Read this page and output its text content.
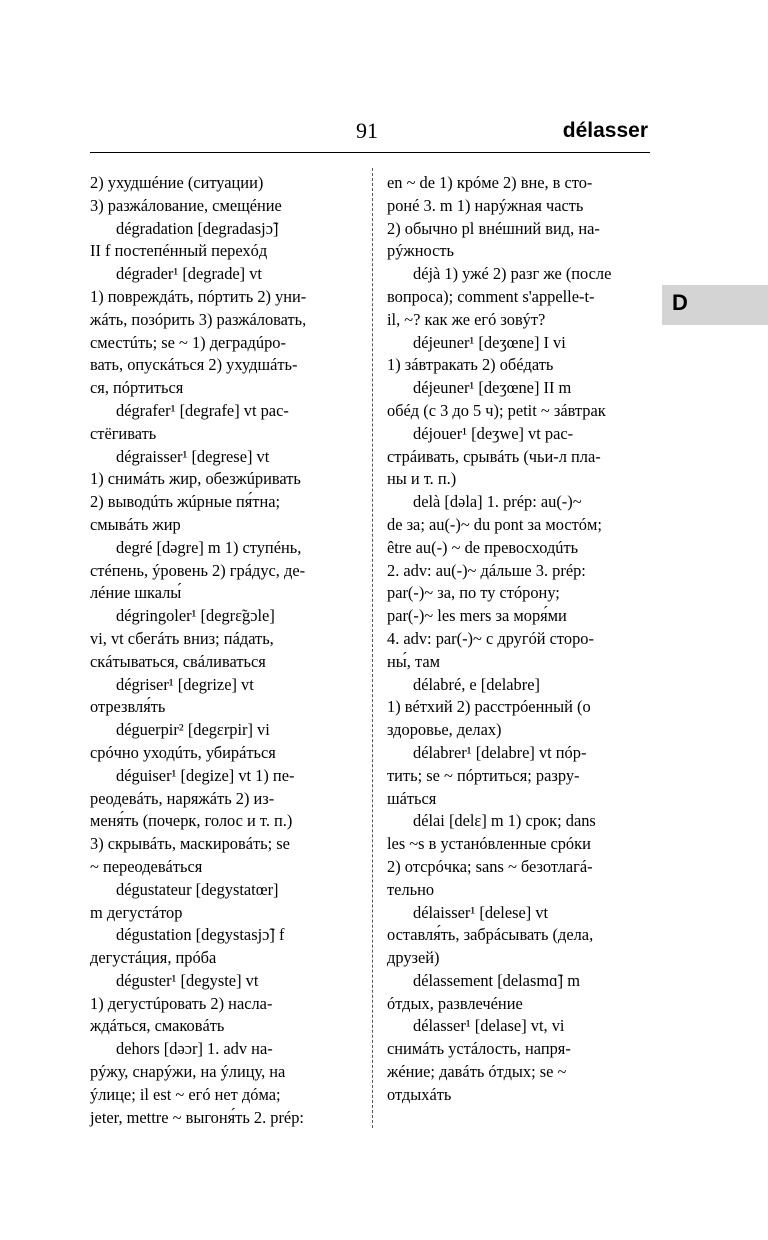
91	délasser
D
2) ухудшéние (ситуации)
3) разжáлование, смещéние
dégradation [degradasjɔ̃]
II f постепéнный перехóд
dégrader¹ [degrade] vt
1) повреждáть, пóртить 2) уни-
жáть, позóрить 3) разжáловать,
сместúть; se ~ 1) деградúро-
вать, опускáться 2) ухудшáть-
ся, пóртиться
dégrafer¹ [degrafe] vt рас-
стёгивать
dégraisser¹ [degrese] vt
1) снимáть жир, обезжúривать
2) выводúть жúрные пя́тна;
смывáть жир
degré [dəgre] m 1) ступéнь,
стéпень, ýровень 2) грáдус, де-
лéние шкалы́
dégringoler¹ [degrɛ̃gɔle]
vi, vt сбегáть вниз; пáдать,
скáтываться, свáливаться
dégriser¹ [degrize] vt
отрезвля́ть
déguerpir² [degɛrpir] vi
срóчно уходúть, убирáться
déguiser¹ [degize] vt 1) пе-
реодевáть, наряжáть 2) из-
меня́ть (почерк, голос и т. п.)
3) скрывáть, маскировáть; se
~ переодевáться
dégustateur [degystatœr]
m дегустáтор
dégustation [degystasjɔ̃] f
дегустáция, прóба
déguster¹ [degyste] vt
1) дегустúровать 2) наслa-
ждáться, смаковáть
dehors [dəɔr] 1. adv на-
рýжу, снарýжи, на ýлицу, на
ýлице; il est ~ егó нет дóма;
jeter, mettre ~ выгоня́ть 2. prép:
en ~ de 1) крóме 2) вне, в сто-
ронé 3. m 1) нарýжная часть
2) обычно pl внéшний вид, на-
рýжность
déjà 1) ужé 2) разг же (после
вопроса); comment s'appelle-t-
il, ~? как же егó зовýт?
déjeuner¹ [deʒœne] I vi
1) зáвтракать 2) обéдать
déjeuner¹ [deʒœne] II m
обéд (с 3 до 5 ч); petit ~ зáвтрак
déjouer¹ [deʒwe] vt рас-
стрáивать, срывáть (чьи-л пла-
ны и т. п.)
delà [dəla] 1. prép: au(-)~
de за; au(-)~ du pont за мостóм;
être au(-) ~ de превосходúть
2. adv: au(-)~ дáльше 3. prép:
par(-)~ за, по ту стóрону;
par(-)~ les mers за моря́ми
4. adv: par(-)~ с другóй сторо-
ны́, там
délabré, e [delabre]
1) вéтхий 2) расстрóенный (о
здоровье, делах)
délabrer¹ [delabre] vt пóр-
тить; se ~ пóртиться; разру-
шáться
délai [delɛ] m 1) срок; dans
les ~s в устанóвленные срóки
2) отсрóчка; sans ~ безотлагá-
тельно
délaisser¹ [delese] vt
оставля́ть, забрáсывать (дела,
друзей)
délassement [delasmɑ̃] m
óтдых, развлечéние
délasser¹ [delase] vt, vi
снимáть устáлость, напря-
жéние; давáть óтдых; se ~
отдыхáть
